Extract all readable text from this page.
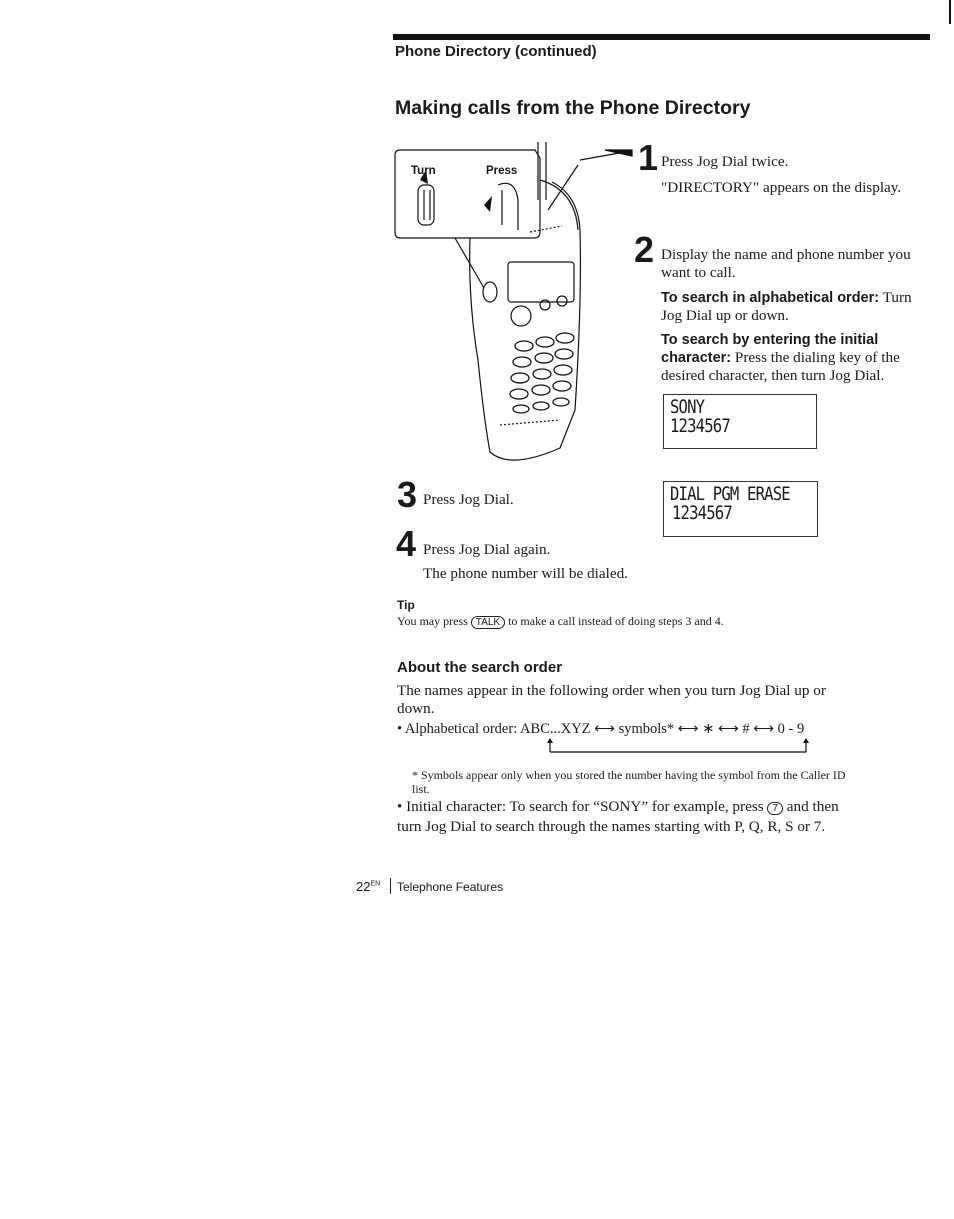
Phone Directory (continued)
Making calls from the Phone Directory
Turn	Press	1 Press Jog Dial twice.
"DIRECTORY" appears on the display.
2 Display the name and phone number you want to call.
To search in alphabetical order: Turn Jog Dial up or down.
To search by entering the initial character: Press the dialing key of the desired character, then turn Jog Dial.
SONY
1234567
DIAL PGM ERASE
1234567
3 Press Jog Dial.
4 Press Jog Dial again.
The phone number will be dialed.
Tip
You may press TALK to make a call instead of doing steps 3 and 4.
About the search order
The names appear in the following order when you turn Jog Dial up or down.
• Alphabetical order: ABC...XYZ ⟷ symbols* ⟷ ∗ ⟷ # ⟷ 0 - 9
* Symbols appear only when you stored the number having the symbol from the Caller ID list.
• Initial character: To search for “SONY” for example, press 7 and then turn Jog Dial to search through the names starting with P, Q, R, S or 7.
$22^{EN}$ Telephone Features
